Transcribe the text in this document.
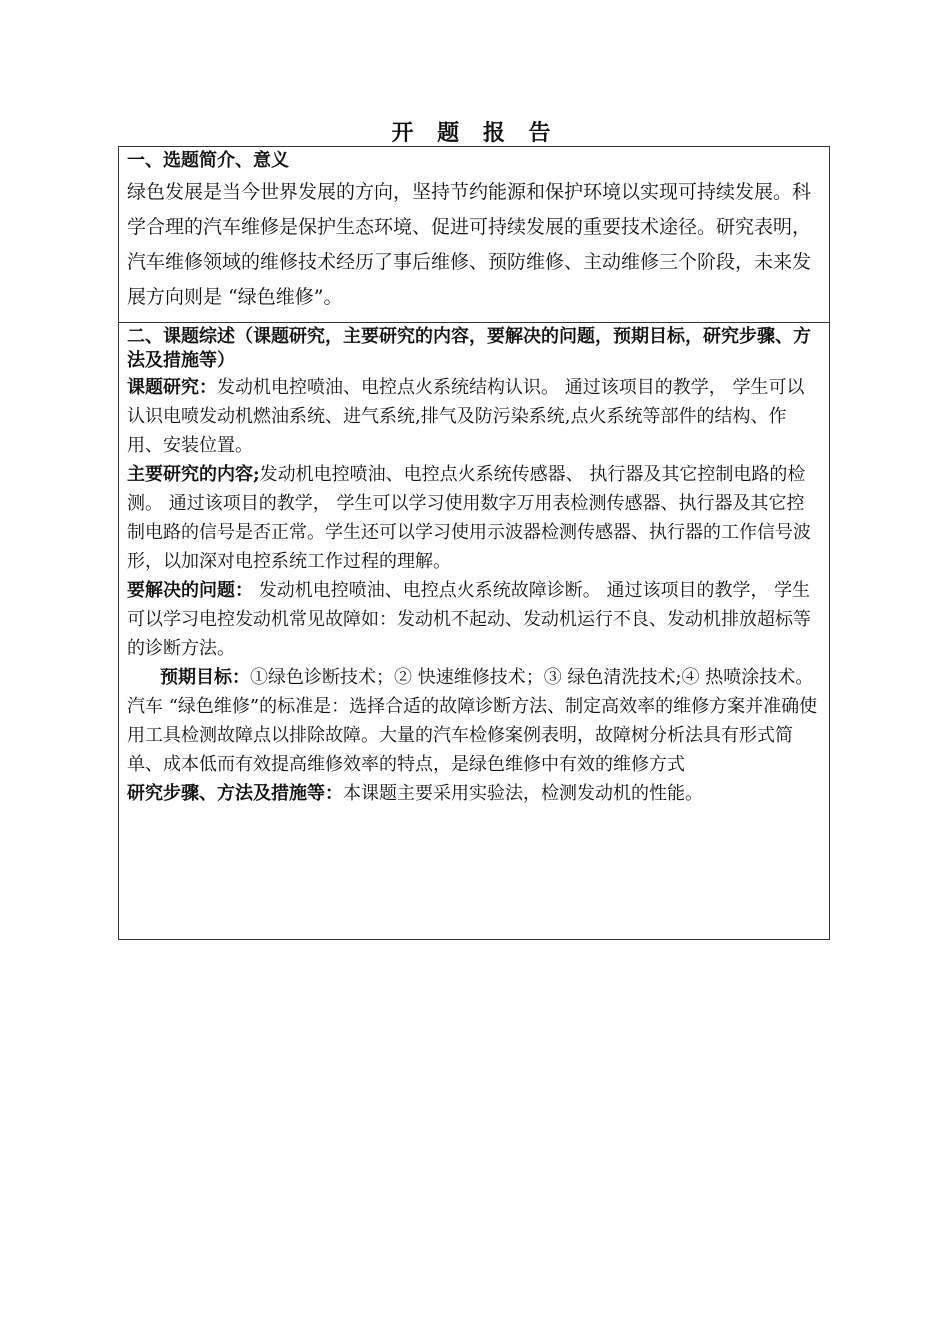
开 题 报 告
一、选题简介、意义
绿色发展是当今世界发展的方向，坚持节约能源和保护环境以实现可持续发展。科学合理的汽车维修是保护生态环境、促进可持续发展的重要技术途径。研究表明，汽车维修领域的维修技术经历了事后维修、预防维修、主动维修三个阶段，未来发展方向则是 “绿色维修”。
二、课题综述（课题研究，主要研究的内容，要解决的问题，预期目标，研究步骤、方法及措施等）

课题研究：发动机电控喷油、电控点火系统结构认识。 通过该项目的教学， 学生可以认识电喷发动机燃油系统、进气系统,排气及防污染系统,点火系统等部件的结构、作用、安装位置。

主要研究的内容;发动机电控喷油、电控点火系统传感器、 执行器及其它控制电路的检测。 通过该项目的教学， 学生可以学习使用数字万用表检测传感器、执行器及其它控制电路的信号是否正常。学生还可以学习使用示波器检测传感器、执行器的工作信号波形，以加深对电控系统工作过程的理解。

要解决的问题： 发动机电控喷油、电控点火系统故障诊断。 通过该项目的教学， 学生可以学习电控发动机常见故障如：发动机不起动、发动机运行不良、发动机排放超标等的诊断方法。

预期目标：①绿色诊断技术；② 快速维修技术；③ 绿色清洗技术;④ 热喷涂技术。汽车 “绿色维修”的标准是：选择合适的故障诊断方法、制定高效率的维修方案并准确使用工具检测故障点以排除故障。大量的汽车检修案例表明，故障树分析法具有形式简单、成本低而有效提高维修效率的特点，是绿色维修中有效的维修方式

研究步骤、方法及措施等：本课题主要采用实验法，检测发动机的性能。
